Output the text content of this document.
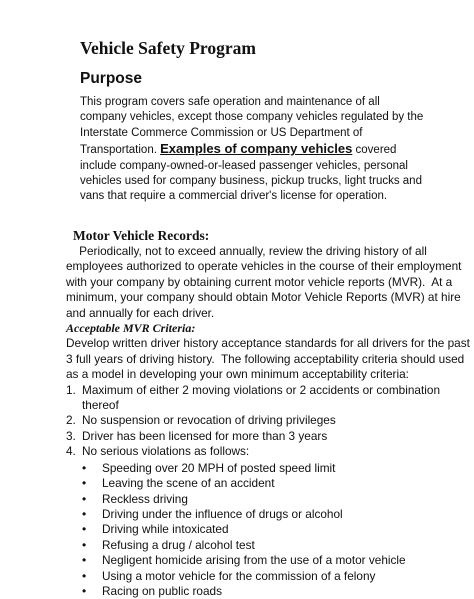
Vehicle Safety Program
Purpose
This program covers safe operation and maintenance of all
company vehicles, except those company vehicles regulated by the
Interstate Commerce Commission or US Department of
Transportation. Examples of company vehicles covered
include company-owned-or-leased passenger vehicles, personal
vehicles used for company business, pickup trucks, light trucks and
vans that require a commercial driver's license for operation.
Motor Vehicle Records:
Periodically, not to exceed annually, review the driving history of all
employees authorized to operate vehicles in the course of their employment
with your company by obtaining current motor vehicle reports (MVR).  At a
minimum, your company should obtain Motor Vehicle Reports (MVR) at hire
and annually for each driver.
Acceptable MVR Criteria:
Develop written driver history acceptance standards for all drivers for the past
3 full years of driving history.  The following acceptability criteria should used
as a model in developing your own minimum acceptability criteria:
1. Maximum of either 2 moving violations or 2 accidents or combination
thereof
2. No suspension or revocation of driving privileges
3. Driver has been licensed for more than 3 years
4. No serious violations as follows:
•	Speeding over 20 MPH of posted speed limit
•	Leaving the scene of an accident
•	Reckless driving
•	Driving under the influence of drugs or alcohol
•	Driving while intoxicated
•	Refusing a drug / alcohol test
•	Negligent homicide arising from the use of a motor vehicle
•	Using a motor vehicle for the commission of a felony
•	Racing on public roads
